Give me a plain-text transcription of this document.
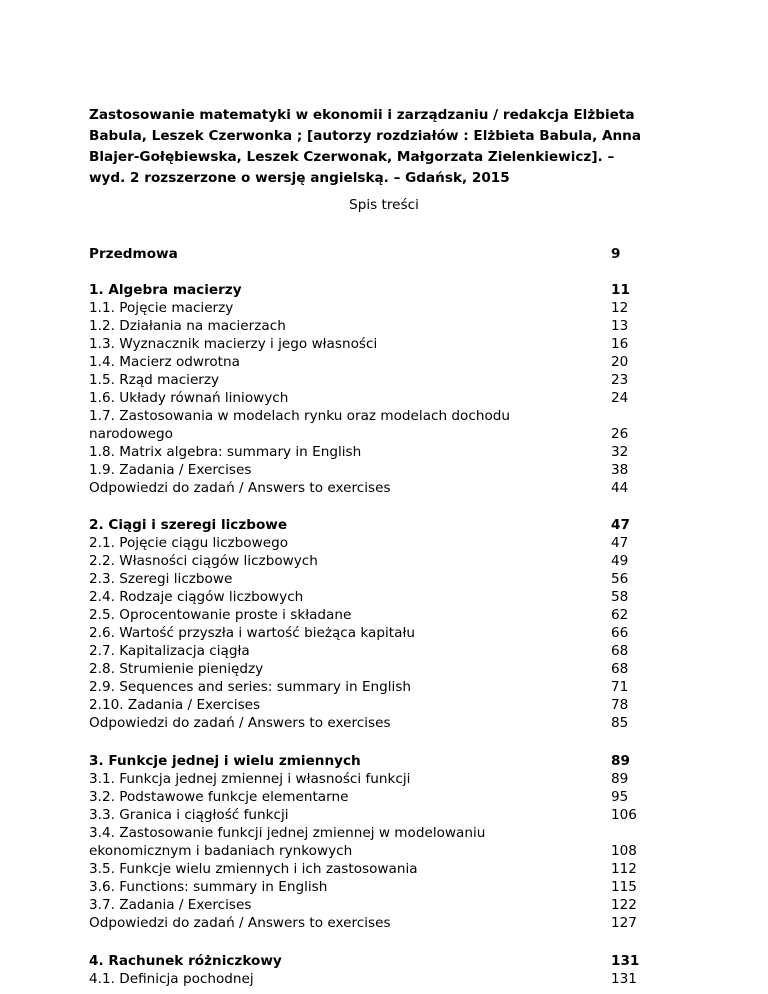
Zastosowanie matematyki w ekonomii i zarządzaniu / redakcja Elżbieta
Babula, Leszek Czerwonka ; [autorzy rozdziałów : Elżbieta Babula, Anna
Blajer-Gołębiewska, Leszek Czerwonak, Małgorzata Zielenkiewicz]. –
wyd. 2 rozszerzone o wersję angielską. – Gdańsk, 2015
Spis treści
Przedmowa	9
1. Algebra macierzy	11
1.1. Pojęcie macierzy	12
1.2. Działania na macierzach	13
1.3. Wyznacznik macierzy i jego własności	16
1.4. Macierz odwrotna	20
1.5. Rząd macierzy	23
1.6. Układy równań liniowych	24
1.7. Zastosowania w modelach rynku oraz modelach dochodu
narodowego	26
1.8. Matrix algebra: summary in English	32
1.9. Zadania / Exercises	38
Odpowiedzi do zadań / Answers to exercises	44
2. Ciągi i szeregi liczbowe	47
2.1. Pojęcie ciągu liczbowego	47
2.2. Własności ciągów liczbowych	49
2.3. Szeregi liczbowe	56
2.4. Rodzaje ciągów liczbowych	58
2.5. Oprocentowanie proste i składane	62
2.6. Wartość przyszła i wartość bieżąca kapitału	66
2.7. Kapitalizacja ciągła	68
2.8. Strumienie pieniędzy	68
2.9. Sequences and series: summary in English	71
2.10. Zadania / Exercises	78
Odpowiedzi do zadań / Answers to exercises	85
3. Funkcje jednej i wielu zmiennych	89
3.1. Funkcja jednej zmiennej i własności funkcji	89
3.2. Podstawowe funkcje elementarne	95
3.3. Granica i ciągłość funkcji	106
3.4. Zastosowanie funkcji jednej zmiennej w modelowaniu
ekonomicznym i badaniach rynkowych	108
3.5. Funkcje wielu zmiennych i ich zastosowania	112
3.6. Functions: summary in English	115
3.7. Zadania / Exercises	122
Odpowiedzi do zadań / Answers to exercises	127
4. Rachunek różniczkowy	131
4.1. Definicja pochodnej	131
